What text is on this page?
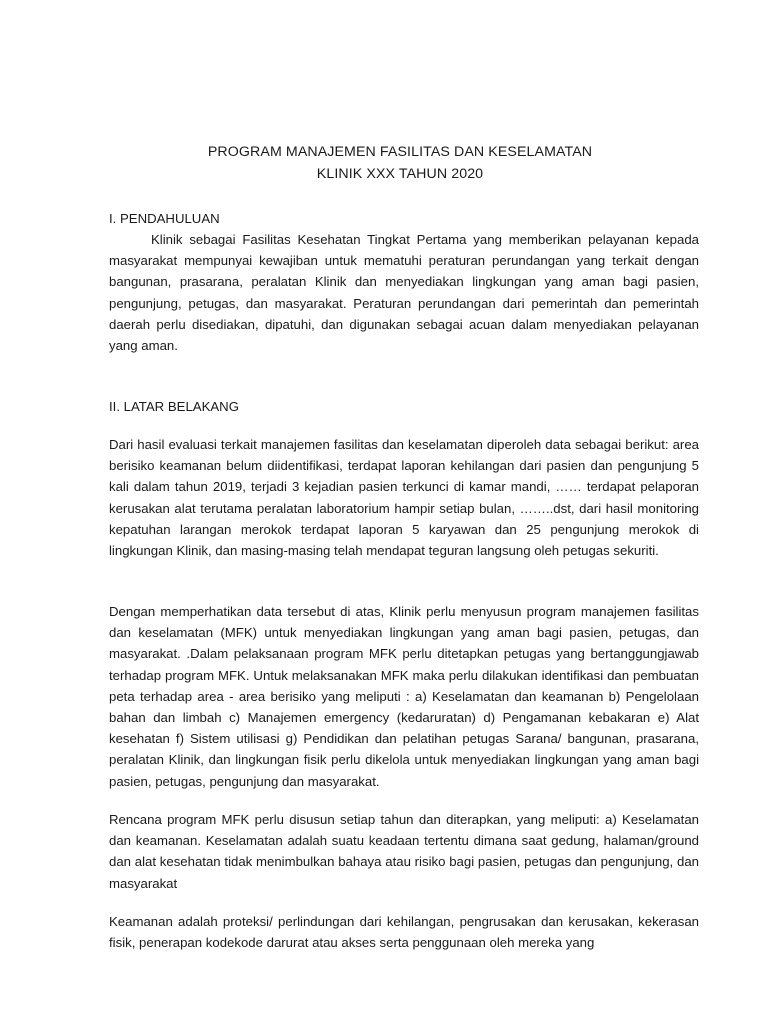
PROGRAM MANAJEMEN FASILITAS DAN KESELAMATAN
KLINIK XXX TAHUN 2020
I. PENDAHULUAN

Klinik sebagai Fasilitas Kesehatan Tingkat Pertama yang memberikan pelayanan kepada masyarakat mempunyai kewajiban untuk mematuhi peraturan perundangan yang terkait dengan bangunan, prasarana, peralatan Klinik dan menyediakan lingkungan yang aman bagi pasien, pengunjung, petugas, dan masyarakat. Peraturan perundangan dari pemerintah dan pemerintah daerah perlu disediakan, dipatuhi, dan digunakan sebagai acuan dalam menyediakan pelayanan yang aman.

II. LATAR BELAKANG

Dari hasil evaluasi terkait manajemen fasilitas dan keselamatan diperoleh data sebagai berikut: area berisiko keamanan belum diidentifikasi, terdapat laporan kehilangan dari pasien dan pengunjung 5 kali dalam tahun 2019, terjadi 3 kejadian pasien terkunci di kamar mandi, …… terdapat pelaporan kerusakan alat terutama peralatan laboratorium hampir setiap bulan, ……..dst, dari hasil monitoring kepatuhan larangan merokok terdapat laporan 5 karyawan dan 25 pengunjung merokok di lingkungan Klinik, dan masing-masing telah mendapat teguran langsung oleh petugas sekuriti.

Dengan memperhatikan data tersebut di atas, Klinik perlu menyusun program manajemen fasilitas dan keselamatan (MFK) untuk menyediakan lingkungan yang aman bagi pasien, petugas, dan masyarakat. .Dalam pelaksanaan program MFK perlu ditetapkan petugas yang bertanggungjawab terhadap program MFK. Untuk melaksanakan MFK maka perlu dilakukan identifikasi dan pembuatan peta terhadap area - area berisiko yang meliputi : a) Keselamatan dan keamanan b) Pengelolaan bahan dan limbah c) Manajemen emergency (kedaruratan) d) Pengamanan kebakaran e) Alat kesehatan f) Sistem utilisasi g) Pendidikan dan pelatihan petugas Sarana/ bangunan, prasarana, peralatan Klinik, dan lingkungan fisik perlu dikelola untuk menyediakan lingkungan yang aman bagi pasien, petugas, pengunjung dan masyarakat.

Rencana program MFK perlu disusun setiap tahun dan diterapkan, yang meliputi: a) Keselamatan dan keamanan. Keselamatan adalah suatu keadaan tertentu dimana saat gedung, halaman/ground dan alat kesehatan tidak menimbulkan bahaya atau risiko bagi pasien, petugas dan pengunjung, dan masyarakat

Keamanan adalah proteksi/ perlindungan dari kehilangan, pengrusakan dan kerusakan, kekerasan fisik, penerapan kodekode darurat atau akses serta penggunaan oleh mereka yang
